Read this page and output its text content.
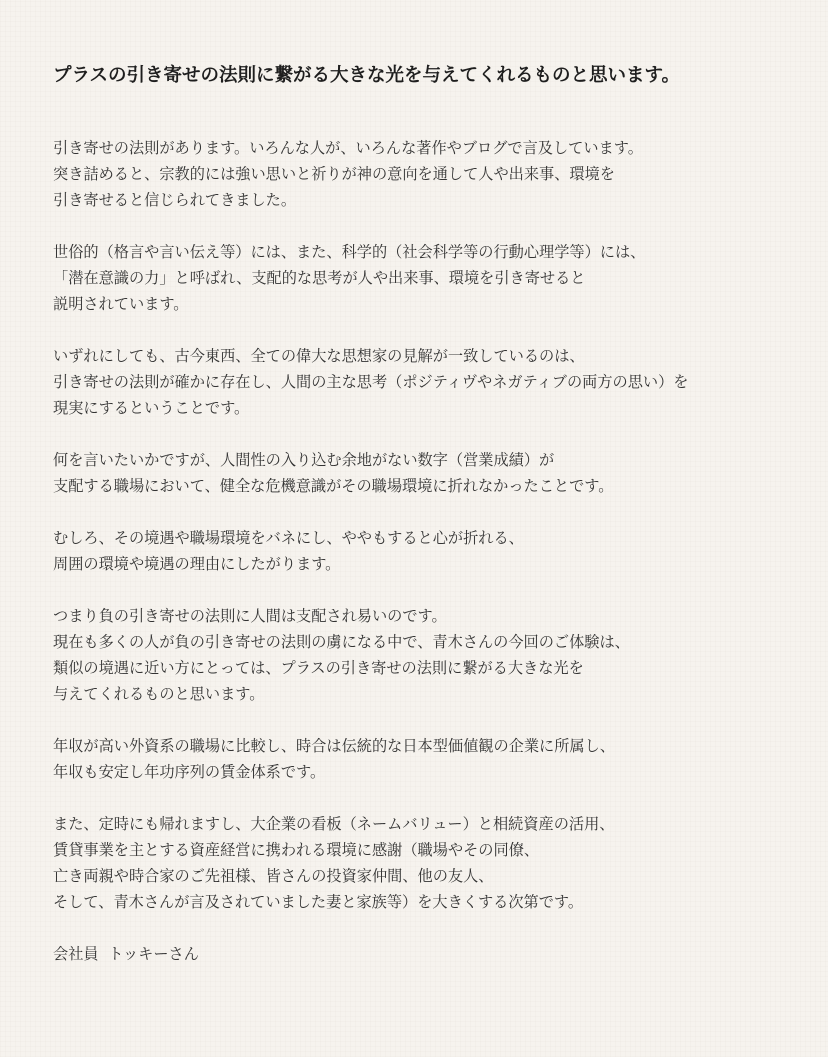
プラスの引き寄せの法則に繋がる大きな光を与えてくれるものと思います。
引き寄せの法則があります。いろんな人が、いろんな著作やブログで言及しています。
突き詰めると、宗教的には強い思いと祈りが神の意向を通して人や出来事、環境を
引き寄せると信じられてきました。
世俗的（格言や言い伝え等）には、また、科学的（社会科学等の行動心理学等）には、
「潜在意識の力」と呼ばれ、支配的な思考が人や出来事、環境を引き寄せると
説明されています。
いずれにしても、古今東西、全ての偉大な思想家の見解が一致しているのは、
引き寄せの法則が確かに存在し、人間の主な思考（ポジティヴやネガティブの両方の思い）を
現実にするということです。
何を言いたいかですが、人間性の入り込む余地がない数字（営業成績）が
支配する職場において、健全な危機意識がその職場環境に折れなかったことです。
むしろ、その境遇や職場環境をバネにし、ややもすると心が折れる、
周囲の環境や境遇の理由にしたがります。
つまり負の引き寄せの法則に人間は支配され易いのです。
現在も多くの人が負の引き寄せの法則の虜になる中で、青木さんの今回のご体験は、
類似の境遇に近い方にとっては、プラスの引き寄せの法則に繋がる大きな光を
与えてくれるものと思います。
年収が高い外資系の職場に比較し、時合は伝統的な日本型価値観の企業に所属し、
年収も安定し年功序列の賃金体系です。
また、定時にも帰れますし、大企業の看板（ネームバリュー）と相続資産の活用、
賃貸事業を主とする資産経営に携われる環境に感謝（職場やその同僚、
亡き両親や時合家のご先祖様、皆さんの投資家仲間、他の友人、
そして、青木さんが言及されていました妻と家族等）を大きくする次第です。
会社員  トッキーさん
